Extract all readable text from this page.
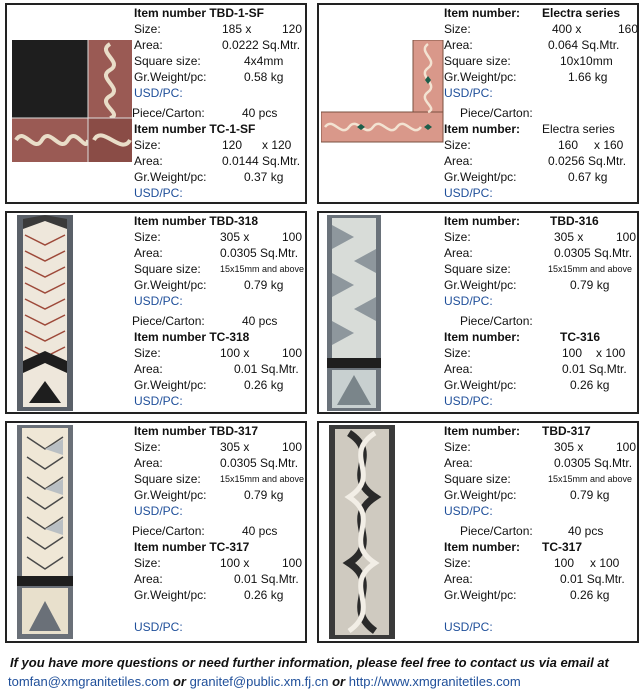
Item number TBD-1-SF
Size:	185 x	120
Area:	0.0222 Sq.Mtr.
Square size:	4x4mm
Gr.Weight/pc:	0.58 kg
USD/PC:
Piece/Carton:	40 pcs
Item number TC-1-SF
Size:	120 x 120
Area:	0.0144 Sq.Mtr.
Gr.Weight/pc:	0.37 kg
USD/PC:
Item number: Electra series
Size:	400 x	160
Area:	0.064 Sq.Mtr.
Square size:	10x10mm
Gr.Weight/pc:	1.66 kg
USD/PC:
Piece/Carton:
Item number: Electra series
Size:	160 x 160
Area:	0.0256 Sq.Mtr.
Gr.Weight/pc:	0.67 kg
USD/PC:
Item number TBD-318
Size:	305 x	100
Area:	0.0305 Sq.Mtr.
Square size: 15x15mm and above
Gr.Weight/pc:	0.79 kg
USD/PC:
Piece/Carton:	40 pcs
Item number TC-318
Size:	100 x	100
Area:	0.01 Sq.Mtr.
Gr.Weight/pc:	0.26 kg
USD/PC:
Item number: TBD-316
Size:	305 x	100
Area:	0.0305 Sq.Mtr.
Square size:	15x15mm and above
Gr.Weight/pc:	0.79 kg
USD/PC:
Piece/Carton:
Item number:	TC-316
Size:	100 x 100
Area:	0.01 Sq.Mtr.
Gr.Weight/pc:	0.26 kg
USD/PC:
Item number TBD-317
Size:	305 x	100
Area:	0.0305 Sq.Mtr.
Square size: 15x15mm and above
Gr.Weight/pc:	0.79 kg
USD/PC:
Piece/Carton:	40 pcs
Item number TC-317
Size:	100 x	100
Area:	0.01 Sq.Mtr.
Gr.Weight/pc:	0.26 kg
USD/PC:
Item number: TBD-317
Size:	305 x	100
Area:	0.0305 Sq.Mtr.
Square size:	15x15mm and above
Gr.Weight/pc:	0.79 kg
USD/PC:
Piece/Carton:	40 pcs
Item number: TC-317
Size:	100 x 100
Area:	0.01 Sq.Mtr.
Gr.Weight/pc:	0.26 kg
USD/PC:
If you have more questions or need further information, please feel free to contact us via email at
tomfan@xmgranitetiles.com or granitef@public.xm.fj.cn or http://www.xmgranitetiles.com
